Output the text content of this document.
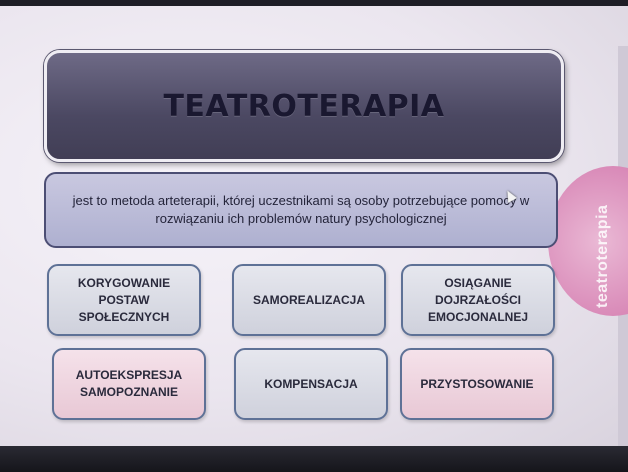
teatroterapia
TEATROTERAPIA
jest to metoda arteterapii, której uczestnikami są osoby potrzebujące pomocy w rozwiązaniu ich problemów natury psychologicznej
KORYGOWANIE
POSTAW
SPOŁECZNYCH
SAMOREALIZACJA
OSIĄGANIE
DOJRZAŁOŚCI
EMOCJONALNEJ
AUTOEKSPRESJA
SAMOPOZNANIE
KOMPENSACJA	PRZYSTOSOWANIE
